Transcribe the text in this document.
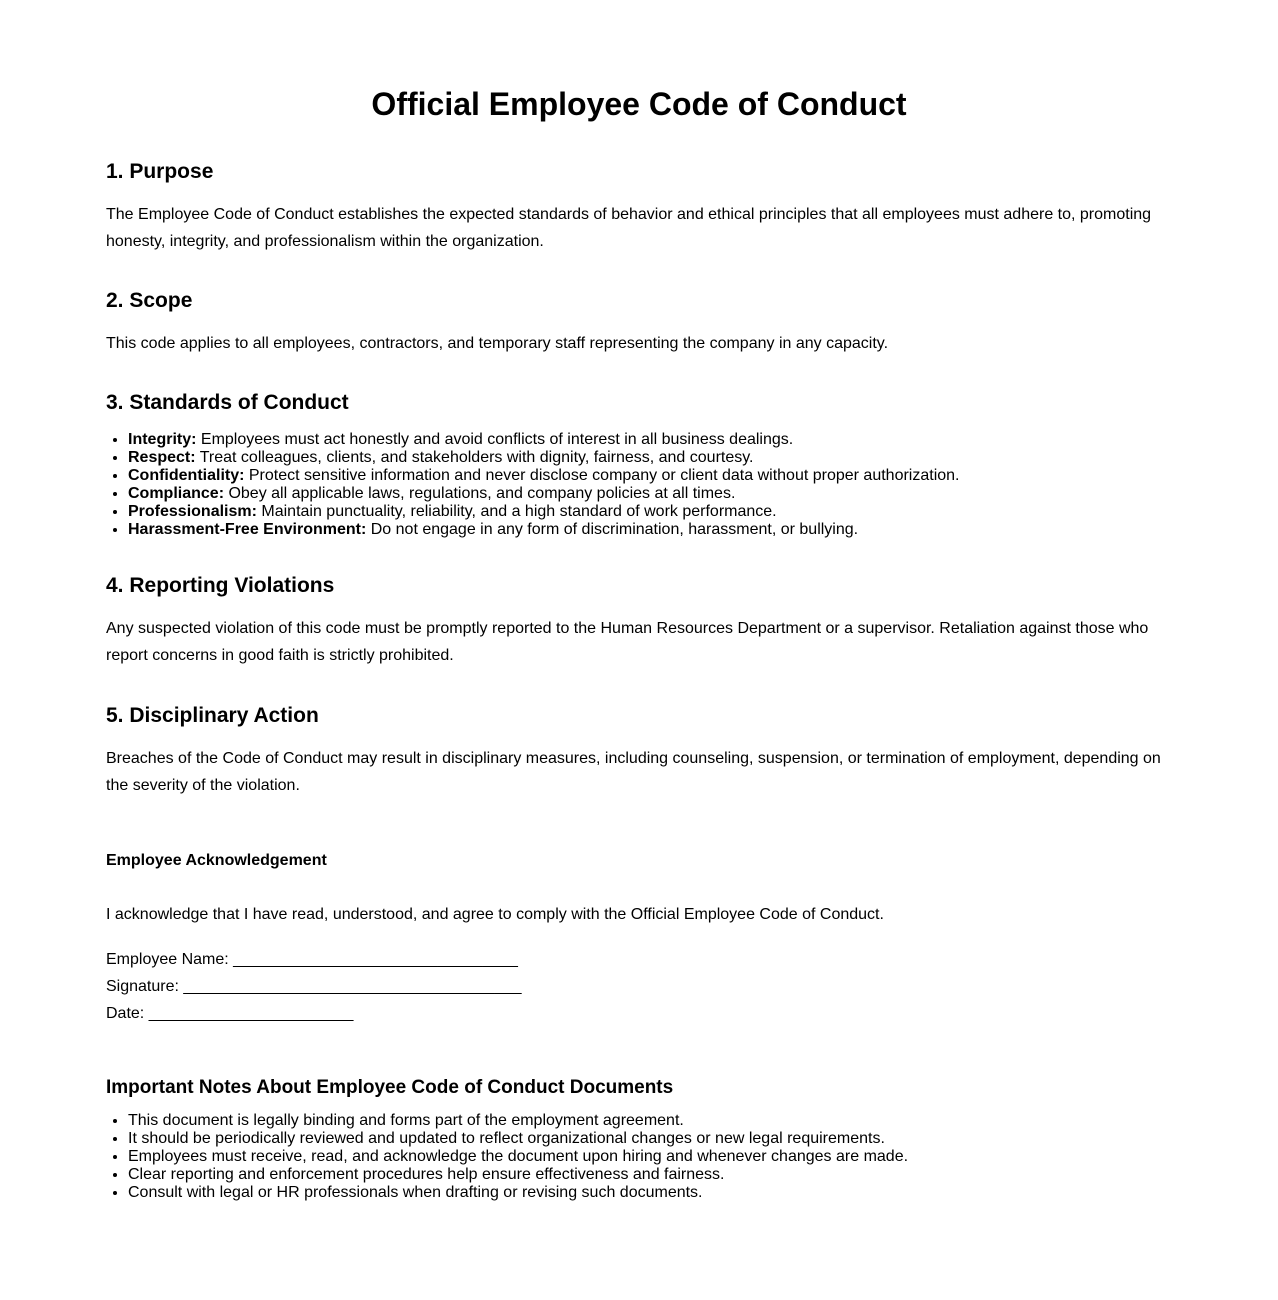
Official Employee Code of Conduct
1. Purpose

The Employee Code of Conduct establishes the expected standards of behavior and ethical principles that all employees must adhere to, promoting honesty, integrity, and professionalism within the organization.

2. Scope

This code applies to all employees, contractors, and temporary staff representing the company in any capacity.

3. Standards of Conduct
• Integrity: Employees must act honestly and avoid conflicts of interest in all business dealings.
• Respect: Treat colleagues, clients, and stakeholders with dignity, fairness, and courtesy.
• Confidentiality: Protect sensitive information and never disclose company or client data without proper authorization.
• Compliance: Obey all applicable laws, regulations, and company policies at all times.
• Professionalism: Maintain punctuality, reliability, and a high standard of work performance.
• Harassment-Free Environment: Do not engage in any form of discrimination, harassment, or bullying.
4. Reporting Violations

Any suspected violation of this code must be promptly reported to the Human Resources Department or a supervisor. Retaliation against those who report concerns in good faith is strictly prohibited.

5. Disciplinary Action

Breaches of the Code of Conduct may result in disciplinary measures, including counseling, suspension, or termination of employment, depending on the severity of the violation.

Employee Acknowledgement

I acknowledge that I have read, understood, and agree to comply with the Official Employee Code of Conduct.

Employee Name: ________________________________
Signature: ______________________________________
Date: _______________________
Important Notes About Employee Code of Conduct Documents
• This document is legally binding and forms part of the employment agreement.
• It should be periodically reviewed and updated to reflect organizational changes or new legal requirements.
• Employees must receive, read, and acknowledge the document upon hiring and whenever changes are made.
• Clear reporting and enforcement procedures help ensure effectiveness and fairness.
• Consult with legal or HR professionals when drafting or revising such documents.
